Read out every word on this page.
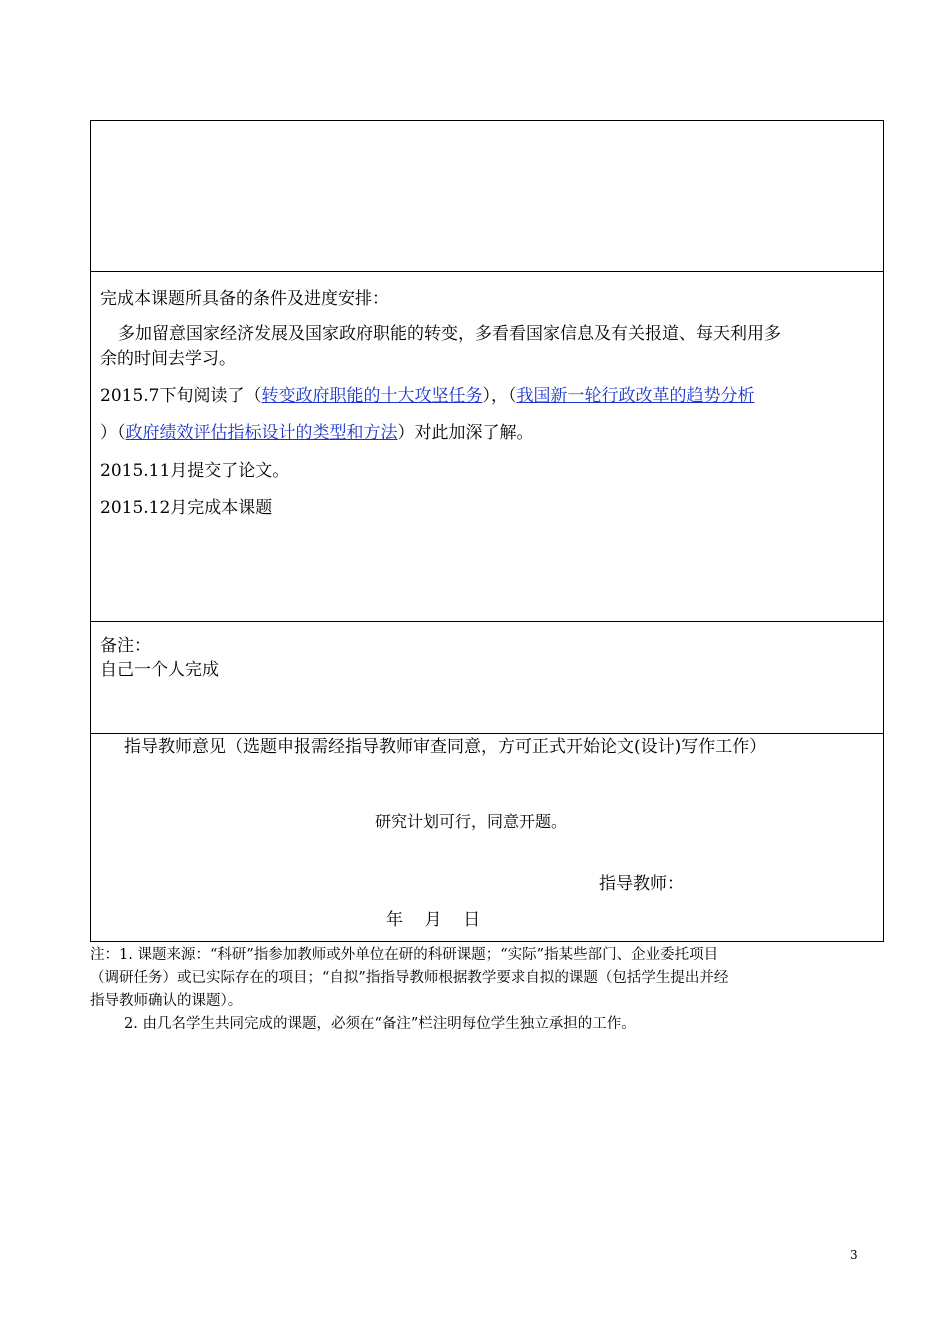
完成本课题所具备的条件及进度安排：
多加留意国家经济发展及国家政府职能的转变，多看看国家信息及有关报道、每天利用多
余的时间去学习。
2015.7下旬阅读了（转变政府职能的十大攻坚任务），（我国新一轮行政改革的趋势分析
）（政府绩效评估指标设计的类型和方法）对此加深了解。
2015.11月提交了论文。
2015.12月完成本课题
备注：
自己一个人完成
指导教师意见（选题申报需经指导教师审查同意，方可正式开始论文(设计)写作工作）
研究计划可行，同意开题。
指导教师：
年    月    日
注：1. 课题来源：“科研”指参加教师或外单位在研的科研课题；“实际”指某些部门、企业委托项目
（调研任务）或已实际存在的项目；“自拟”指指导教师根据教学要求自拟的课题（包括学生提出并经
指导教师确认的课题）。
2. 由几名学生共同完成的课题，必须在“备注”栏注明每位学生独立承担的工作。
3
